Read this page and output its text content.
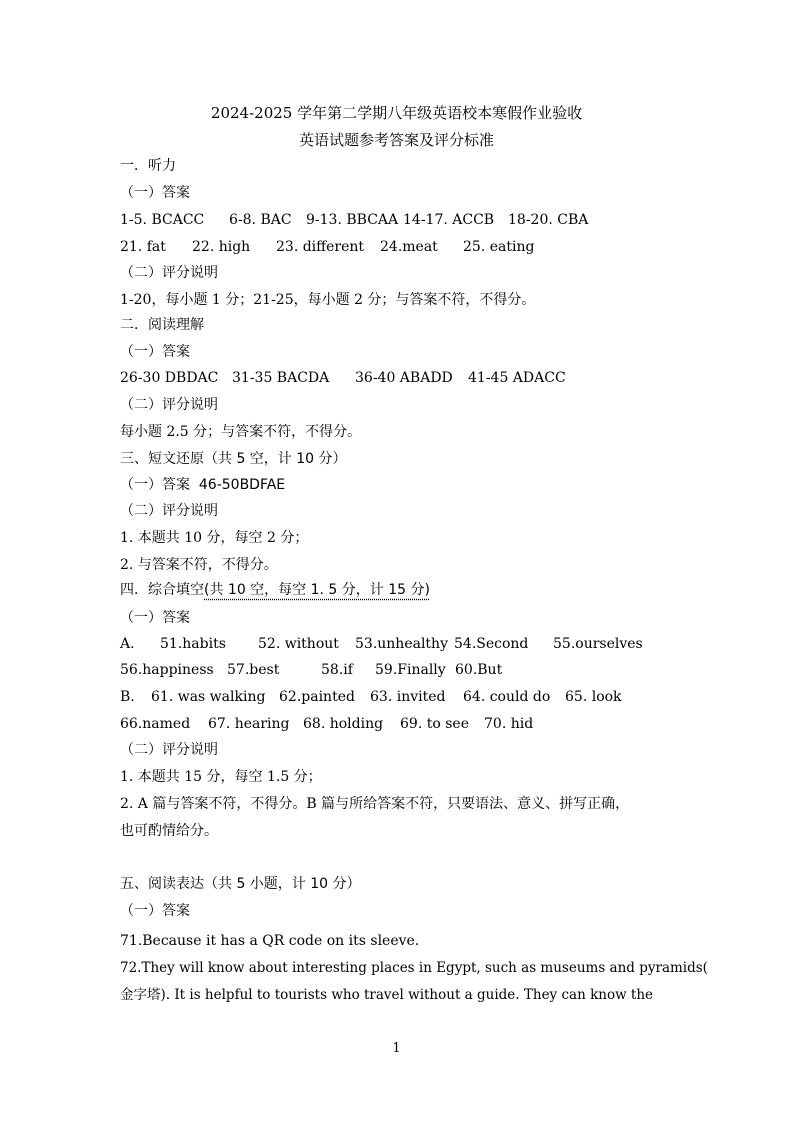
2024-2025 学年第二学期八年级英语校本寒假作业验收
英语试题参考答案及评分标准
一．听力
（一）答案
1-5. BCACC 6-8. BAC 9-13. BBCAA 14-17. ACCB 18-20. CBA
21. fat 22. high 23. different 24.meat 25. eating
（二）评分说明
1-20，每小题 1 分；21-25，每小题 2 分；与答案不符，不得分。
二．阅读理解
（一）答案
26-30 DBDAC 31-35 BACDA 36-40 ABADD 41-45 ADACC
（二）评分说明
每小题 2.5 分；与答案不符，不得分。
三、短文还原（共 5 空，计 10 分）
（一）答案  46-50BDFAE
（二）评分说明
1. 本题共 10 分，每空 2 分；
2. 与答案不符，不得分。
四．综合填空(共 10 空，每空 1. 5 分，计 15 分)
（一）答案
A. 51.habits 52. without 53.unhealthy 54.Second 55.ourselves
56.happiness 57.best	58.if 59.Finally 60.But
B. 61. was walking 62.painted 63. invited 64. could do 65. look
66.named 67. hearing 68. holding 69. to see 70. hid
（二）评分说明
1. 本题共 15 分，每空 1.5 分；
2. A 篇与答案不符，不得分。B 篇与所给答案不符，只要语法、意义、拼写正确，
也可酌情给分。
五、阅读表达（共 5 小题，计 10 分）
（一）答案
71.Because it has a QR code on its sleeve.
72.They will know about interesting places in Egypt, such as museums and pyramids(
金字塔). It is helpful to tourists who travel without a guide. They can know the
1
